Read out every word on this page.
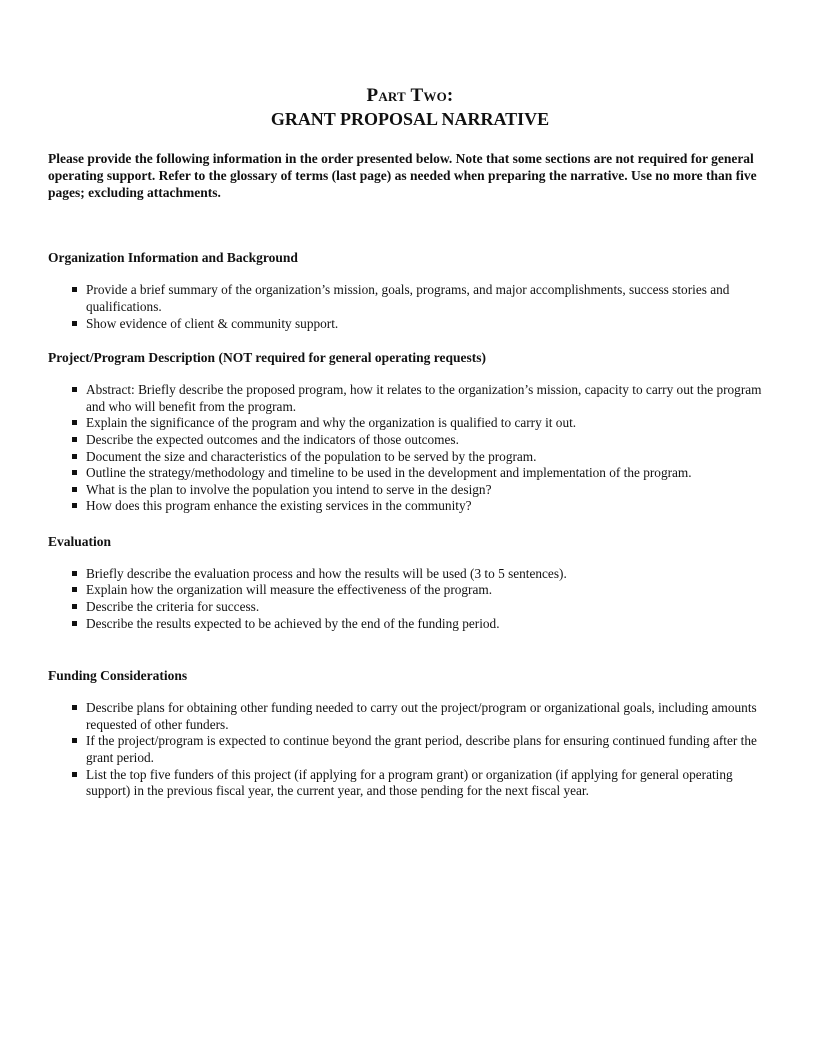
Part Two:
GRANT PROPOSAL NARRATIVE

Please provide the following information in the order presented below. Note that some sections are not required for general operating support. Refer to the glossary of terms (last page) as needed when preparing the narrative. Use no more than five pages; excluding attachments.

Organization Information and Background

Provide a brief summary of the organization’s mission, goals, programs, and major accomplishments, success stories and qualifications.
Show evidence of client & community support.

Project/Program Description (NOT required for general operating requests)

Abstract: Briefly describe the proposed program, how it relates to the organization’s mission, capacity to carry out the program and who will benefit from the program.
Explain the significance of the program and why the organization is qualified to carry it out.
Describe the expected outcomes and the indicators of those outcomes.
Document the size and characteristics of the population to be served by the program.
Outline the strategy/methodology and timeline to be used in the development and implementation of the program.
What is the plan to involve the population you intend to serve in the design?
How does this program enhance the existing services in the community?

Evaluation

Briefly describe the evaluation process and how the results will be used (3 to 5 sentences).
Explain how the organization will measure the effectiveness of the program.
Describe the criteria for success.
Describe the results expected to be achieved by the end of the funding period.

Funding Considerations

Describe plans for obtaining other funding needed to carry out the project/program or organizational goals, including amounts requested of other funders.
If the project/program is expected to continue beyond the grant period, describe plans for ensuring continued funding after the grant period.
List the top five funders of this project (if applying for a program grant) or organization (if applying for general operating support) in the previous fiscal year, the current year, and those pending for the next fiscal year.
